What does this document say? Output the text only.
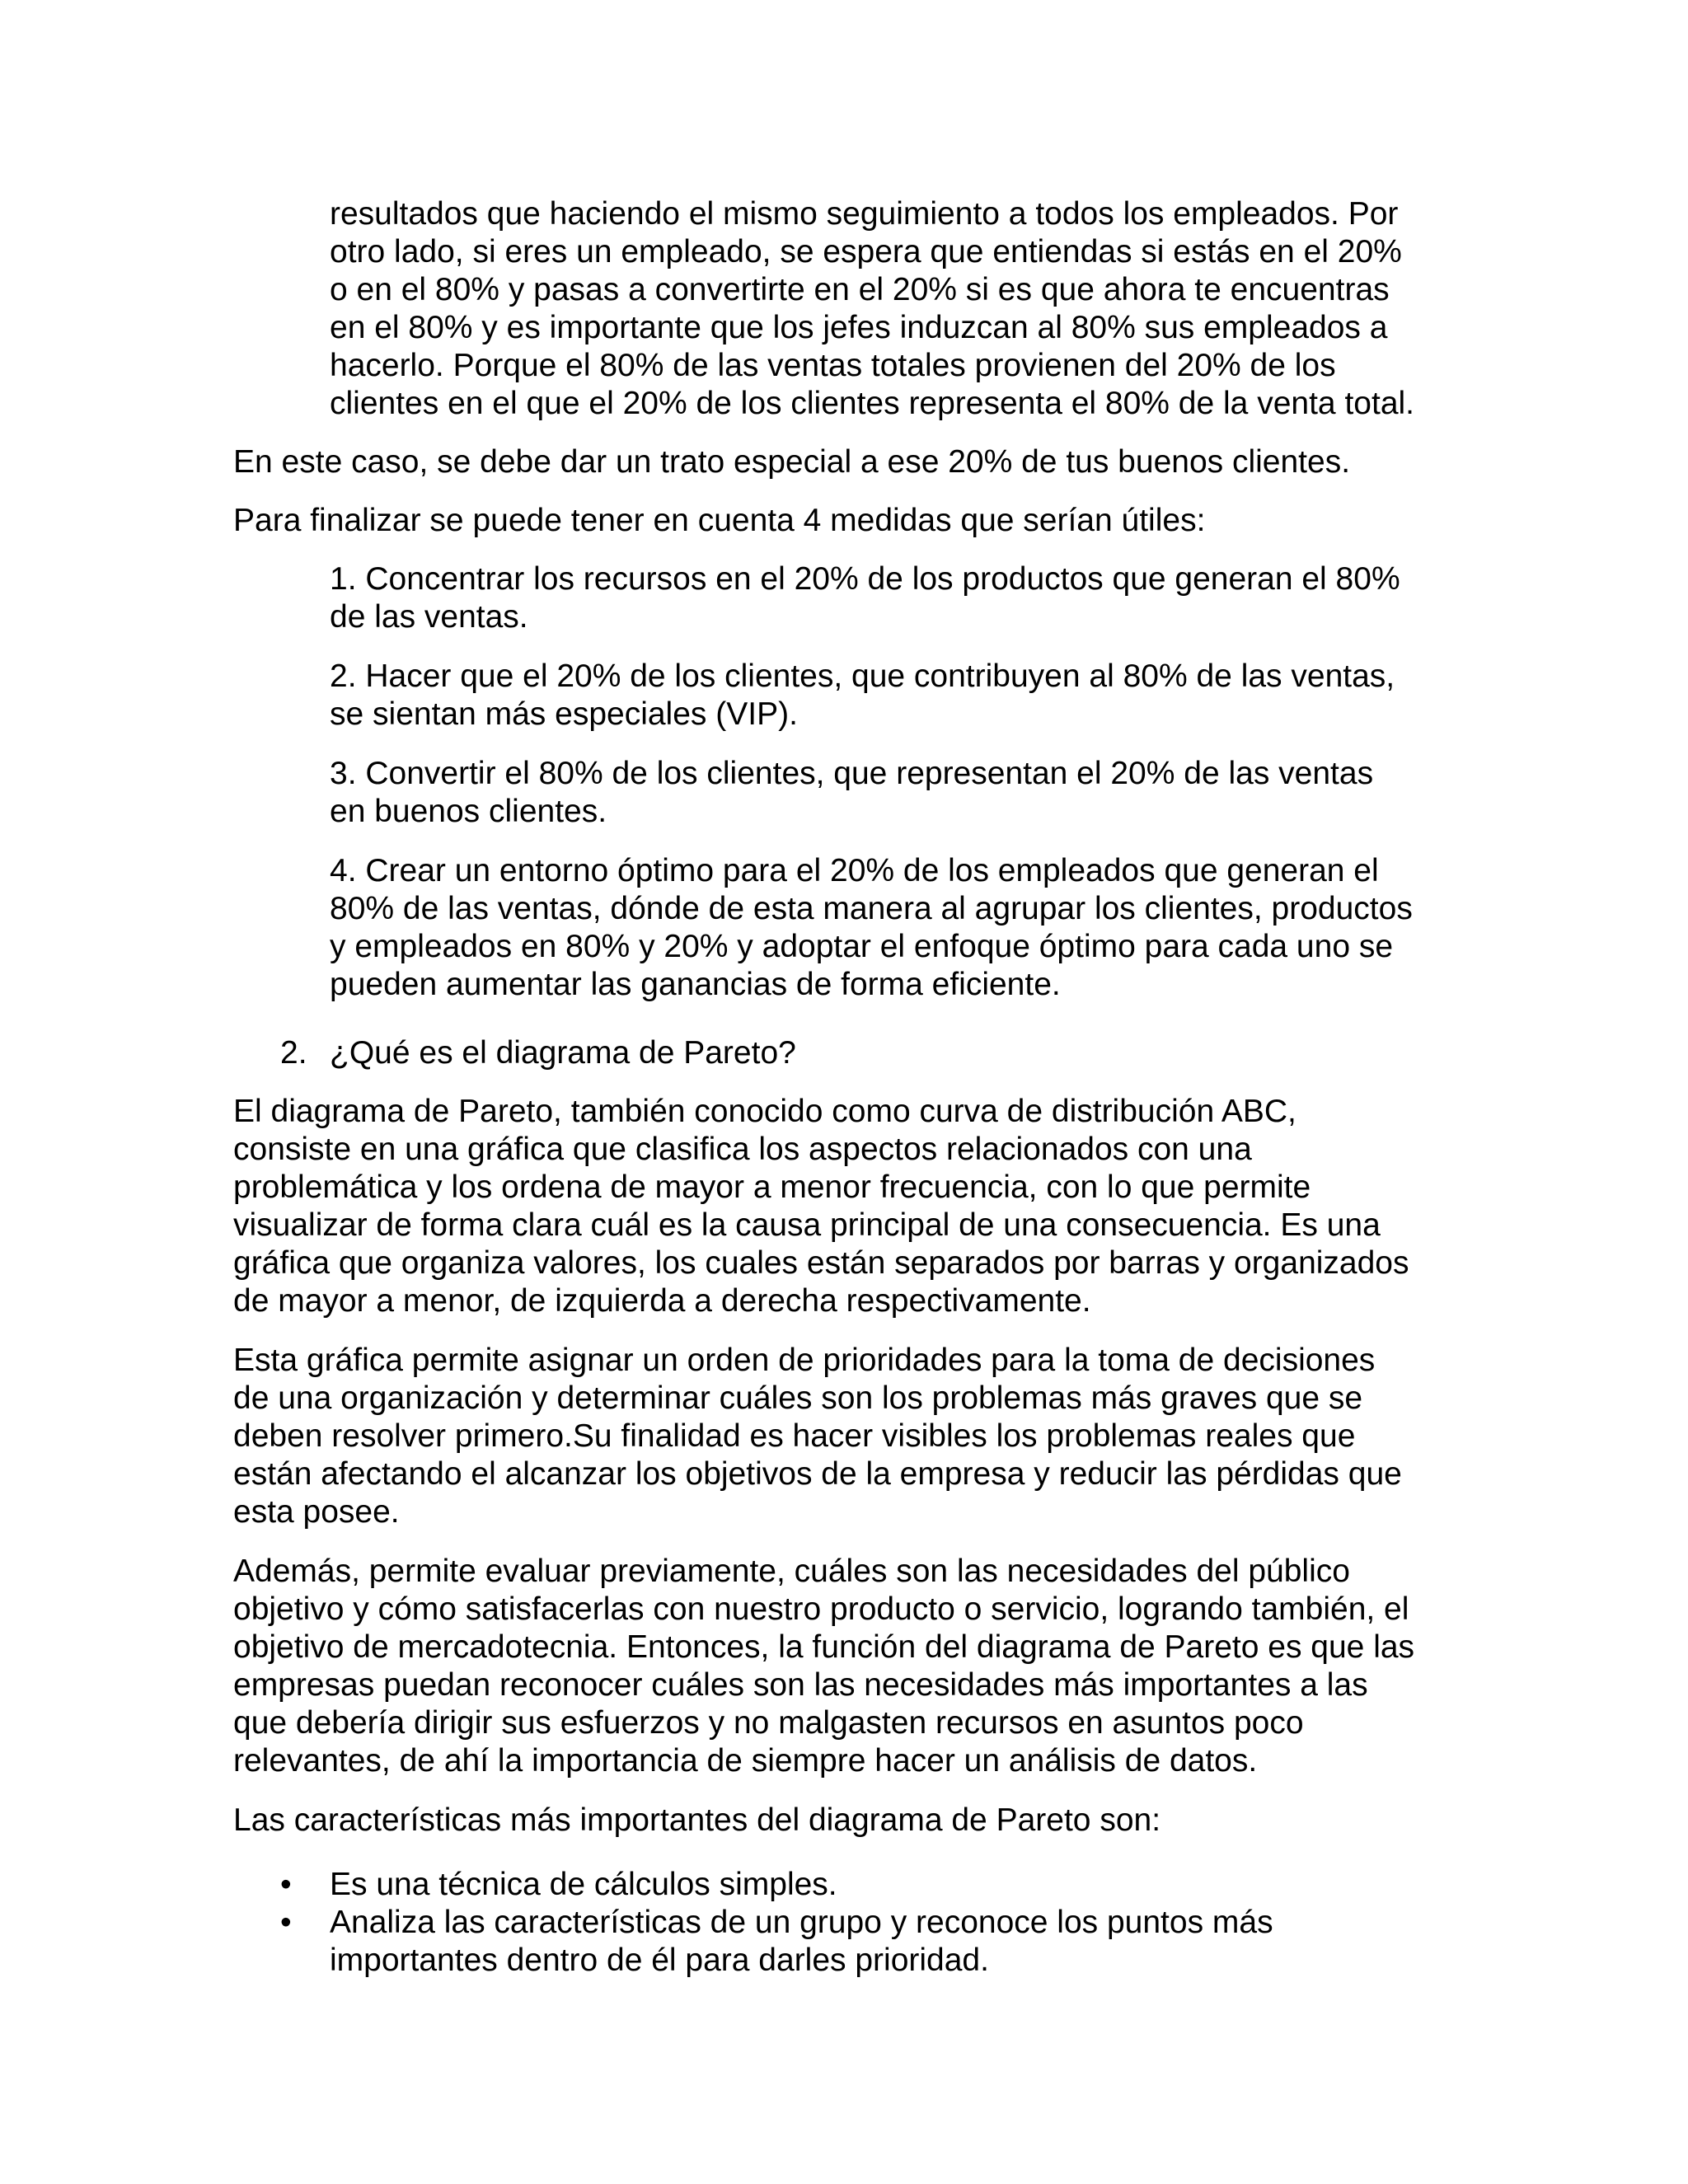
resultados que haciendo el mismo seguimiento a todos los empleados. Por
otro lado, si eres un empleado, se espera que entiendas si estás en el 20%
o en el 80% y pasas a convertirte en el 20% si es que ahora te encuentras
en el 80% y es importante que los jefes induzcan al 80% sus empleados a
hacerlo. Porque el 80% de las ventas totales provienen del 20% de los
clientes en el que el 20% de los clientes representa el 80% de la venta total.
En este caso, se debe dar un trato especial a ese 20% de tus buenos clientes.
Para finalizar se puede tener en cuenta 4 medidas que serían útiles:
1. Concentrar los recursos en el 20% de los productos que generan el 80%
de las ventas.
2. Hacer que el 20% de los clientes, que contribuyen al 80% de las ventas,
se sientan más especiales (VIP).
3. Convertir el 80% de los clientes, que representan el 20% de las ventas
en buenos clientes.
4. Crear un entorno óptimo para el 20% de los empleados que generan el
80% de las ventas, dónde de esta manera al agrupar los clientes, productos
y empleados en 80% y 20% y adoptar el enfoque óptimo para cada uno se
pueden aumentar las ganancias de forma eficiente.
2. ¿Qué es el diagrama de Pareto?
El diagrama de Pareto, también conocido como curva de distribución ABC,
consiste en una gráfica que clasifica los aspectos relacionados con una
problemática y los ordena de mayor a menor frecuencia, con lo que permite
visualizar de forma clara cuál es la causa principal de una consecuencia. Es una
gráfica que organiza valores, los cuales están separados por barras y organizados
de mayor a menor, de izquierda a derecha respectivamente.
Esta gráfica permite asignar un orden de prioridades para la toma de decisiones
de una organización y determinar cuáles son los problemas más graves que se
deben resolver primero.Su finalidad es hacer visibles los problemas reales que
están afectando el alcanzar los objetivos de la empresa y reducir las pérdidas que
esta posee.
Además, permite evaluar previamente, cuáles son las necesidades del público
objetivo y cómo satisfacerlas con nuestro producto o servicio, logrando también, el
objetivo de mercadotecnia. Entonces, la función del diagrama de Pareto es que las
empresas puedan reconocer cuáles son las necesidades más importantes a las
que debería dirigir sus esfuerzos y no malgasten recursos en asuntos poco
relevantes, de ahí la importancia de siempre hacer un análisis de datos.
Las características más importantes del diagrama de Pareto son:
•	Es una técnica de cálculos simples.
•	Analiza las características de un grupo y reconoce los puntos más
importantes dentro de él para darles prioridad.
